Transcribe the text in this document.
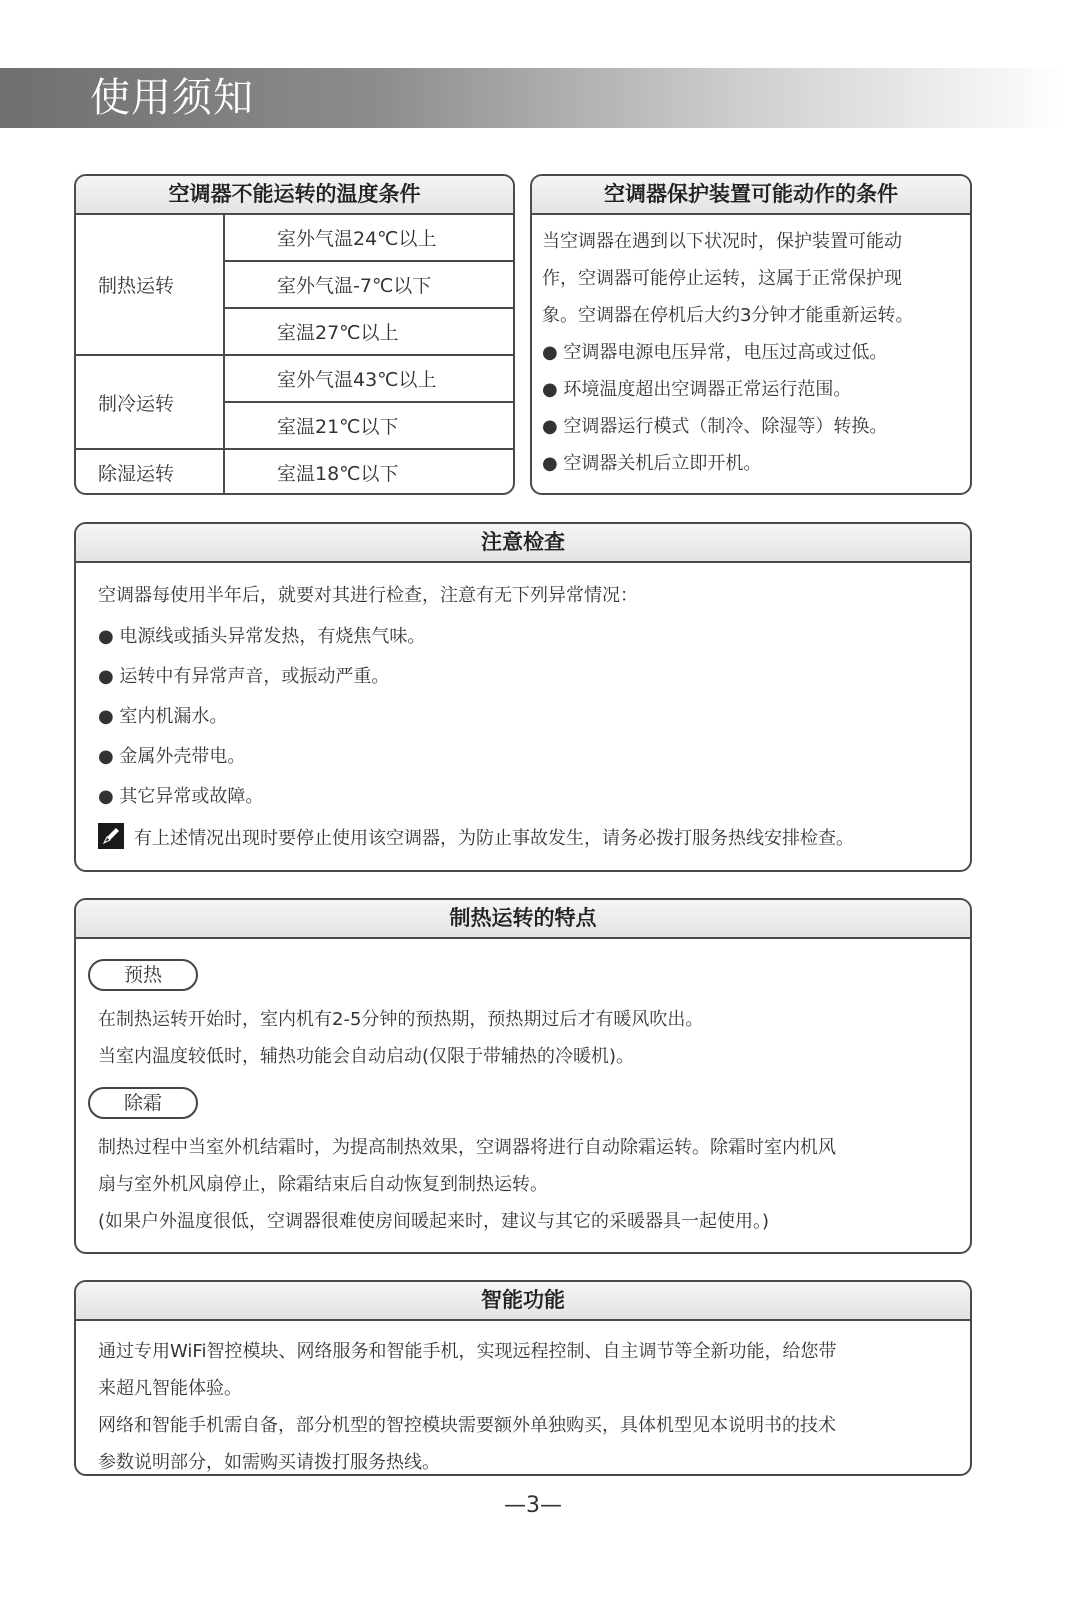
使用须知
空调器不能运转的温度条件
制热运转	室外气温24℃以上
	室外气温-7℃以下
	室温27℃以上
制冷运转	室外气温43℃以上
	室温21℃以下
除湿运转	室温18℃以下
空调器保护装置可能动作的条件
当空调器在遇到以下状况时，保护装置可能动
作，空调器可能停止运转，这属于正常保护现
象。空调器在停机后大约3分钟才能重新运转。
● 空调器电源电压异常，电压过高或过低。
● 环境温度超出空调器正常运行范围。
● 空调器运行模式（制冷、除湿等）转换。
● 空调器关机后立即开机。
注意检查
空调器每使用半年后，就要对其进行检查，注意有无下列异常情况：
● 电源线或插头异常发热，有烧焦气味。
● 运转中有异常声音，或振动严重。
● 室内机漏水。
● 金属外壳带电。
● 其它异常或故障。
有上述情况出现时要停止使用该空调器，为防止事故发生，请务必拨打服务热线安排检查。
制热运转的特点
预热
在制热运转开始时，室内机有2-5分钟的预热期，预热期过后才有暖风吹出。
当室内温度较低时，辅热功能会自动启动(仅限于带辅热的冷暖机)。
除霜
制热过程中当室外机结霜时，为提高制热效果，空调器将进行自动除霜运转。除霜时室内机风
扇与室外机风扇停止，除霜结束后自动恢复到制热运转。
(如果户外温度很低，空调器很难使房间暖起来时，建议与其它的采暖器具一起使用。)
智能功能
通过专用WiFi智控模块、网络服务和智能手机，实现远程控制、自主调节等全新功能，给您带
来超凡智能体验。
网络和智能手机需自备，部分机型的智控模块需要额外单独购买，具体机型见本说明书的技术
参数说明部分，如需购买请拨打服务热线。
—3—
